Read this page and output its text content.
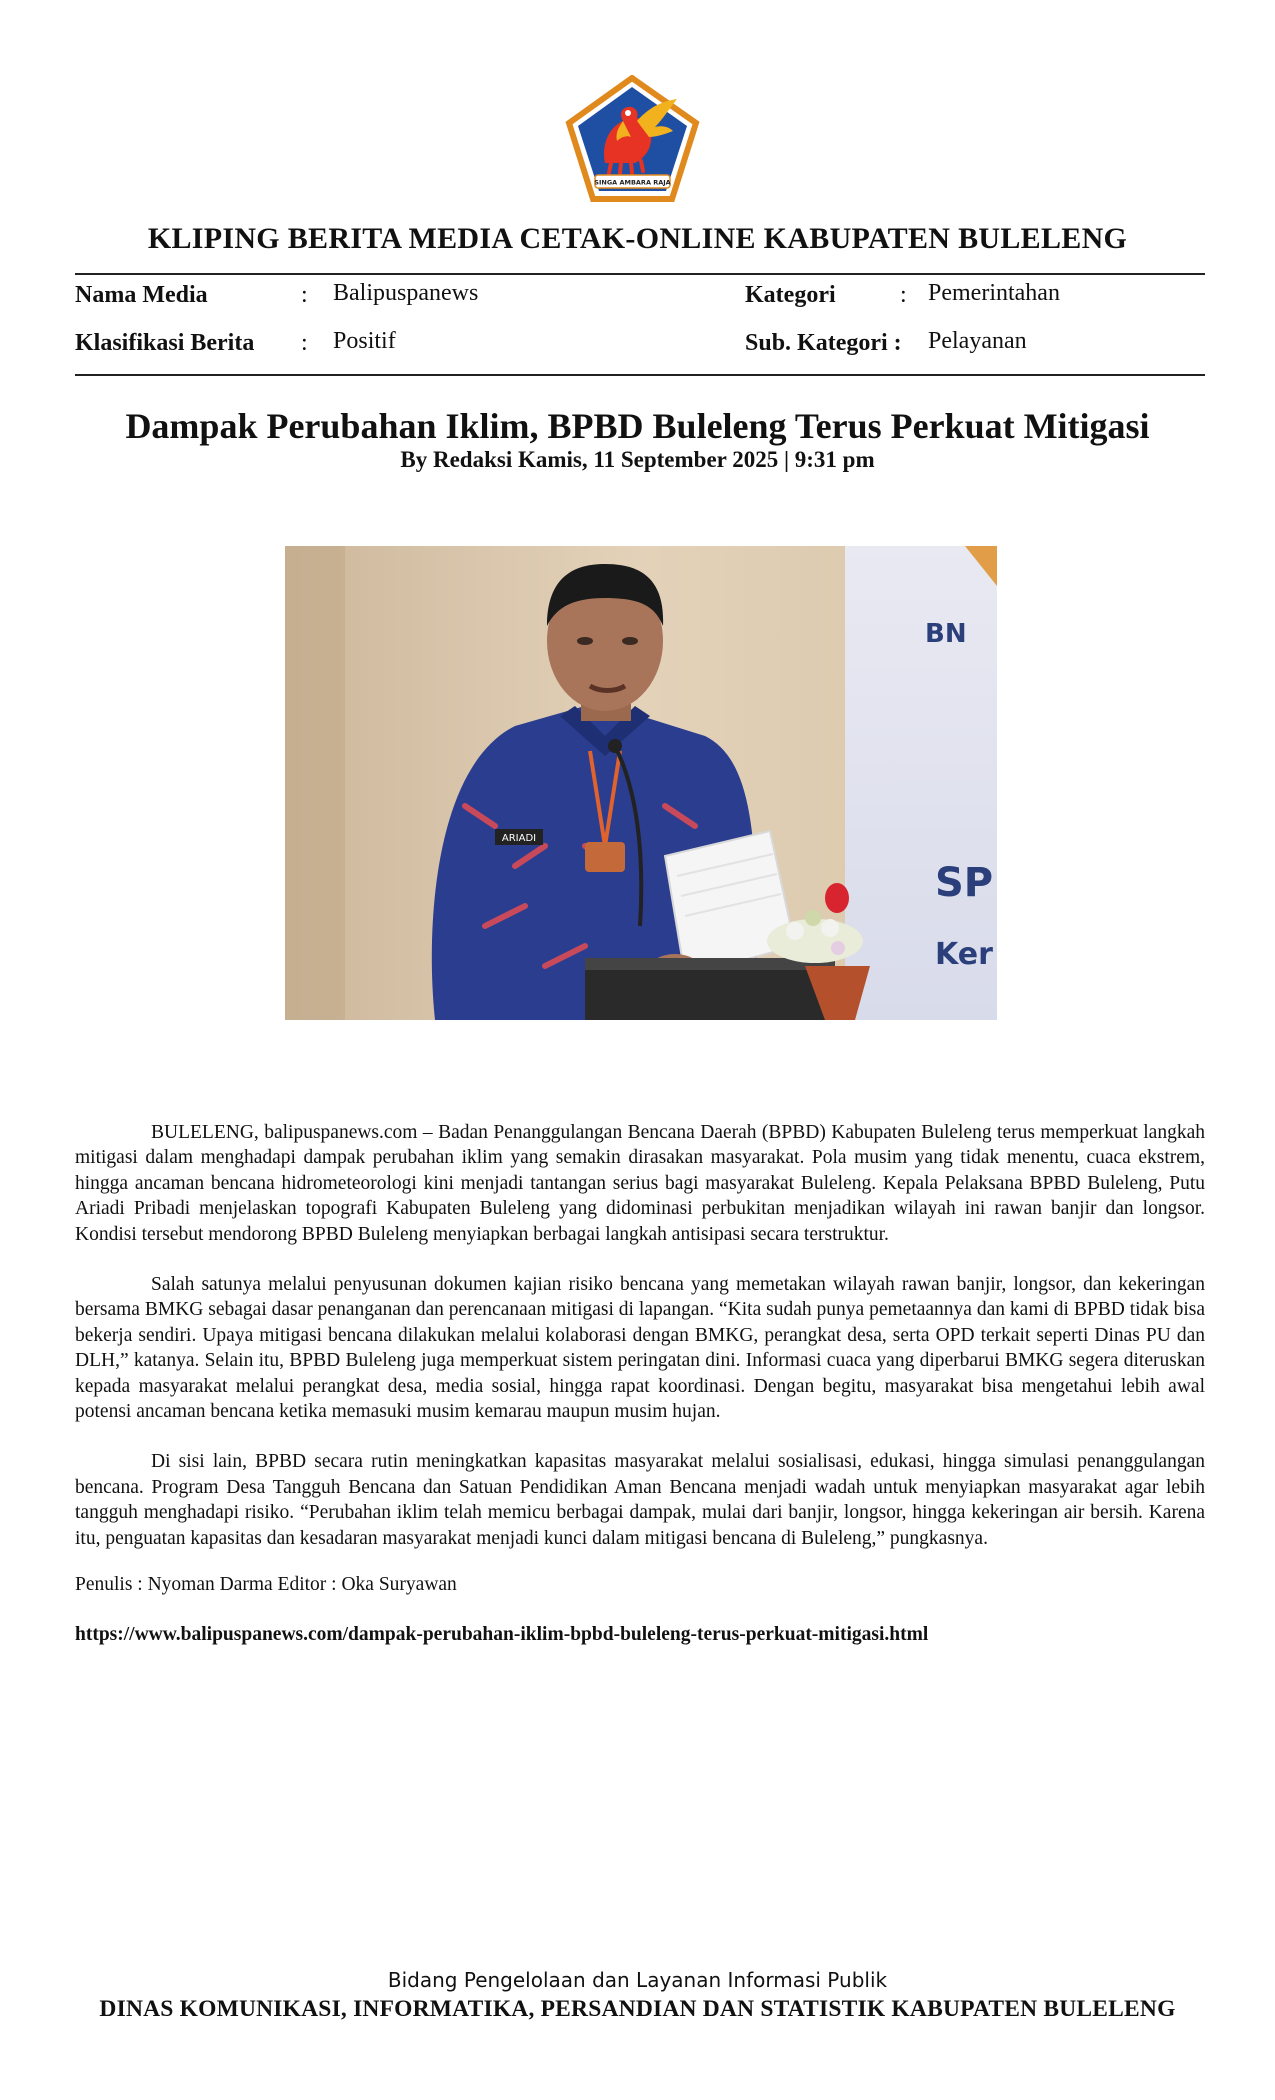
SINGA AMBARA RAJA
KLIPING BERITA MEDIA CETAK-ONLINE KABUPATEN BULELENG
Nama Media	: Balipuspanews	Kategori	: Pemerintahan
Klasifikasi Berita : Positif	Sub. Kategori : Pelayanan
Dampak Perubahan Iklim, BPBD Buleleng Terus Perkuat Mitigasi
By Redaksi Kamis, 11 September 2025 | 9:31 pm
BN
SP
Ker
ARIADI

BULELENG, balipuspanews.com – Badan Penanggulangan Bencana Daerah (BPBD) Kabupaten Buleleng terus memperkuat langkah mitigasi dalam menghadapi dampak perubahan iklim yang semakin dirasakan masyarakat. Pola musim yang tidak menentu, cuaca ekstrem, hingga ancaman bencana hidrometeorologi kini menjadi tantangan serius bagi masyarakat Buleleng. Kepala Pelaksana BPBD Buleleng, Putu Ariadi Pribadi menjelaskan topografi Kabupaten Buleleng yang didominasi perbukitan menjadikan wilayah ini rawan banjir dan longsor. Kondisi tersebut mendorong BPBD Buleleng menyiapkan berbagai langkah antisipasi secara terstruktur.

Salah satunya melalui penyusunan dokumen kajian risiko bencana yang memetakan wilayah rawan banjir, longsor, dan kekeringan bersama BMKG sebagai dasar penanganan dan perencanaan mitigasi di lapangan. “Kita sudah punya pemetaannya dan kami di BPBD tidak bisa bekerja sendiri. Upaya mitigasi bencana dilakukan melalui kolaborasi dengan BMKG, perangkat desa, serta OPD terkait seperti Dinas PU dan DLH,” katanya. Selain itu, BPBD Buleleng juga memperkuat sistem peringatan dini. Informasi cuaca yang diperbarui BMKG segera diteruskan kepada masyarakat melalui perangkat desa, media sosial, hingga rapat koordinasi. Dengan begitu, masyarakat bisa mengetahui lebih awal potensi ancaman bencana ketika memasuki musim kemarau maupun musim hujan.

Di sisi lain, BPBD secara rutin meningkatkan kapasitas masyarakat melalui sosialisasi, edukasi, hingga simulasi penanggulangan bencana. Program Desa Tangguh Bencana dan Satuan Pendidikan Aman Bencana menjadi wadah untuk menyiapkan masyarakat agar lebih tangguh menghadapi risiko. “Perubahan iklim telah memicu berbagai dampak, mulai dari banjir, longsor, hingga kekeringan air bersih. Karena itu, penguatan kapasitas dan kesadaran masyarakat menjadi kunci dalam mitigasi bencana di Buleleng,” pungkasnya.

Penulis : Nyoman Darma Editor : Oka Suryawan
https://www.balipuspanews.com/dampak-perubahan-iklim-bpbd-buleleng-terus-perkuat-mitigasi.html
Bidang Pengelolaan dan Layanan Informasi Publik
DINAS KOMUNIKASI, INFORMATIKA, PERSANDIAN DAN STATISTIK KABUPATEN BULELENG
